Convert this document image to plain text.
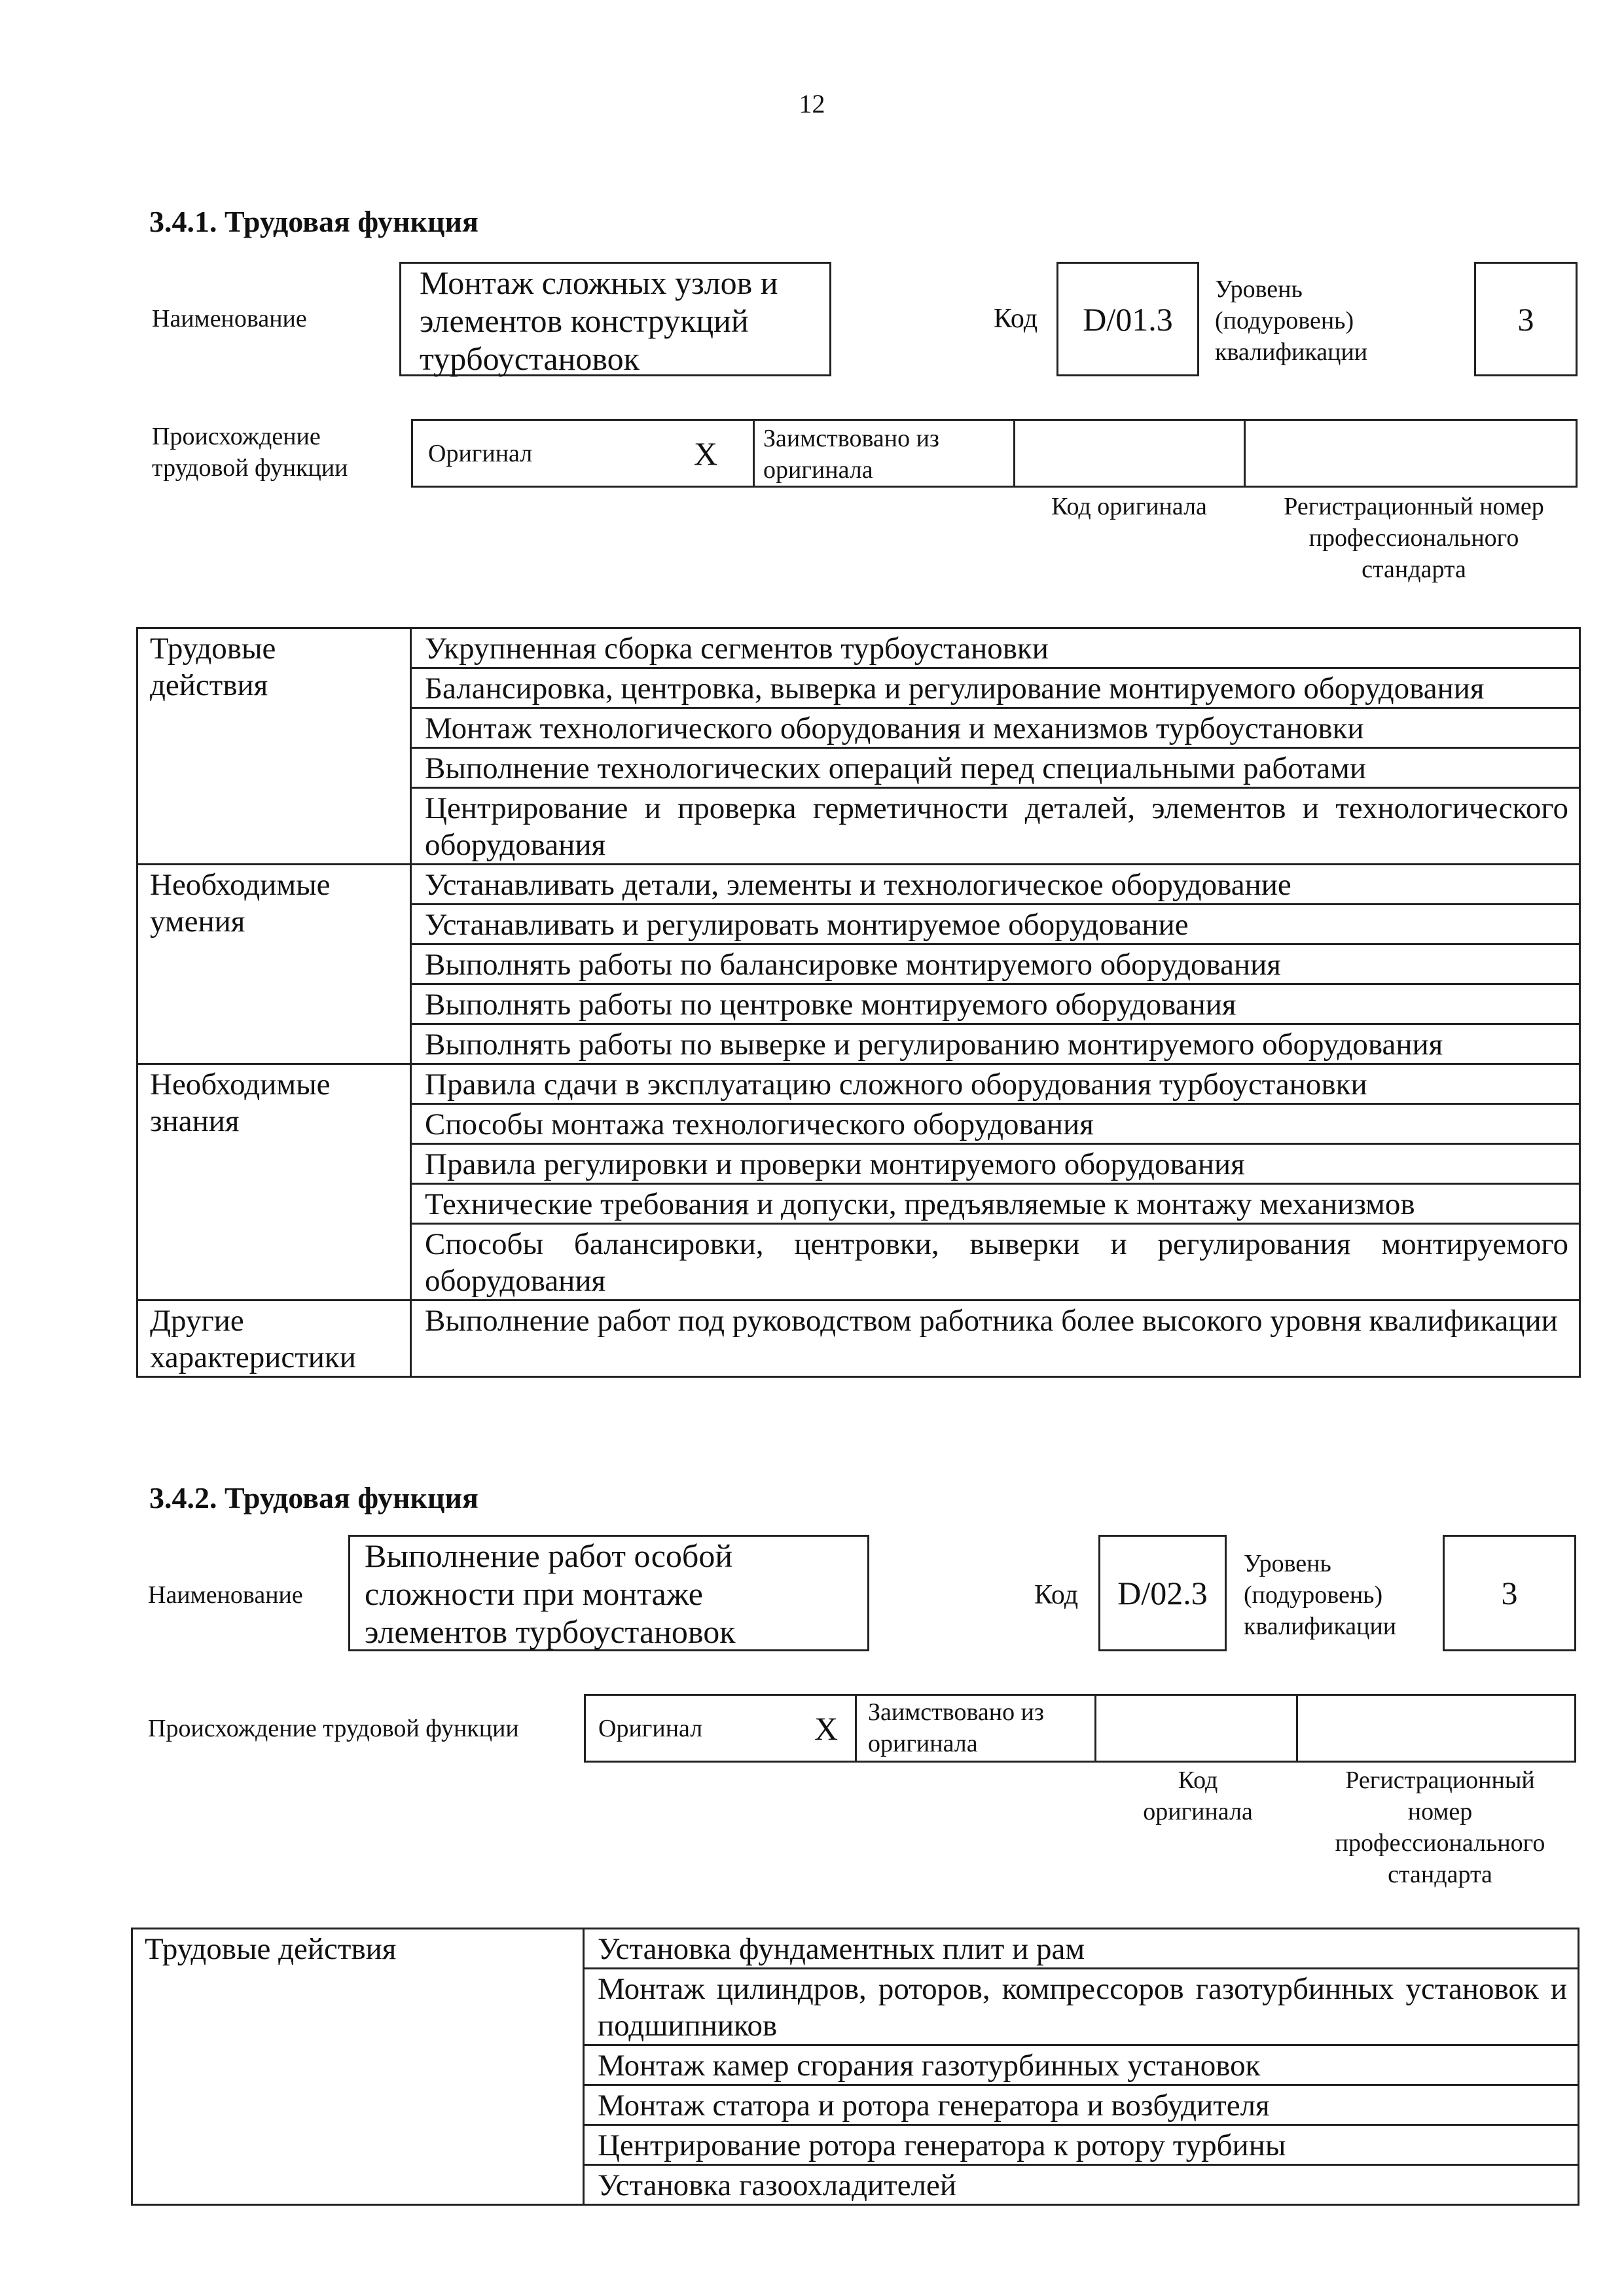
12
3.4.1. Трудовая функция
Наименование
Монтаж сложных узлов и
элементов конструкций
турбоустановок
Код	D/01.3
Уровень
(подуровень)
квалификации
3
Происхождение
трудовой функции
Оригинал	X	Заимствовано из
оригинала
Код оригинала	Регистрационный номер
профессионального
стандарта
Трудовые
действия	Укрупненная сборка сегментов турбоустановки
	Балансировка, центровка, выверка и регулирование монтируемого оборудования
	Монтаж технологического оборудования и механизмов турбоустановки
	Выполнение технологических операций перед специальными работами
	Центрирование и проверка герметичности деталей, элементов и технологического оборудования

Необходимые
умения	Устанавливать детали, элементы и технологическое оборудование
	Устанавливать и регулировать монтируемое оборудование
	Выполнять работы по балансировке монтируемого оборудования
	Выполнять работы по центровке монтируемого оборудования
	Выполнять работы по выверке и регулированию монтируемого оборудования

Необходимые
знания	Правила сдачи в эксплуатацию сложного оборудования турбоустановки
	Способы монтажа технологического оборудования
	Правила регулировки и проверки монтируемого оборудования
	Технические требования и допуски, предъявляемые к монтажу механизмов
	Способы балансировки, центровки, выверки и регулирования монтируемого оборудования

Другие
характеристики	Выполнение работ под руководством работника более высокого уровня квалификации
3.4.2. Трудовая функция
Наименование
Выполнение работ особой
сложности при монтаже
элементов турбоустановок
Код	D/02.3
Уровень
(подуровень)
квалификации
3
Происхождение трудовой функции	Оригинал	X	Заимствовано из
оригинала
Код
оригинала
Регистрационный
номер
профессионального
стандарта
Трудовые действия	Установка фундаментных плит и рам
Монтаж цилиндров, роторов, компрессоров газотурбинных установок и подшипников
Монтаж камер сгорания газотурбинных установок
Монтаж статора и ротора генератора и возбудителя
Центрирование ротора генератора к ротору турбины
Установка газоохладителей
